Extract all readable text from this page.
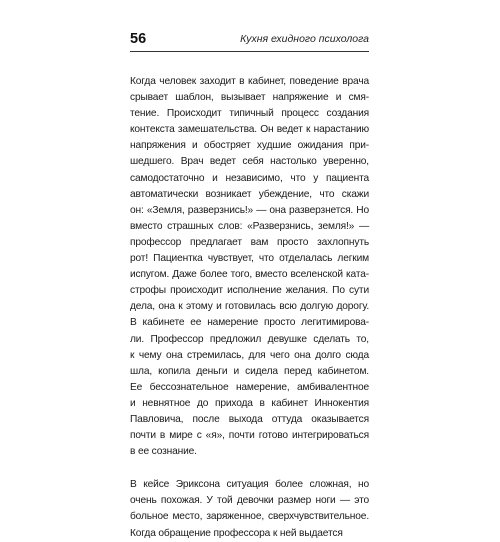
56	Кухня ехидного психолога
Когда человек заходит в кабинет, поведение врача
срывает шаблон, вызывает напряжение и смя-
тение. Происходит типичный процесс создания
контекста замешательства. Он ведет к нарастанию
напряжения и обостряет худшие ожидания при-
шедшего. Врач ведет себя настолько уверенно,
самодостаточно и независимо, что у пациента
автоматически возникает убеждение, что скажи
он: «Земля, разверзнись!» — она разверзнется. Но
вместо страшных слов: «Разверзнись, земля!» —
профессор предлагает вам просто захлопнуть
рот! Пациентка чувствует, что отделалась легким
испугом. Даже более того, вместо вселенской ката-
строфы происходит исполнение желания. По сути
дела, она к этому и готовилась всю долгую дорогу.
В кабинете ее намерение просто легитимирова-
ли. Профессор предложил девушке сделать то,
к чему она стремилась, для чего она долго сюда
шла, копила деньги и сидела перед кабинетом.
Ее бессознательное намерение, амбивалентное
и невнятное до прихода в кабинет Иннокентия
Павловича, после выхода оттуда оказывается
почти в мире с «я», почти готово интегрироваться
в ее сознание.
В кейсе Эриксона ситуация более сложная, но
очень похожая. У той девочки размер ноги — это
больное место, заряженное, сверхчувствительное.
Когда обращение профессора к ней выдается
